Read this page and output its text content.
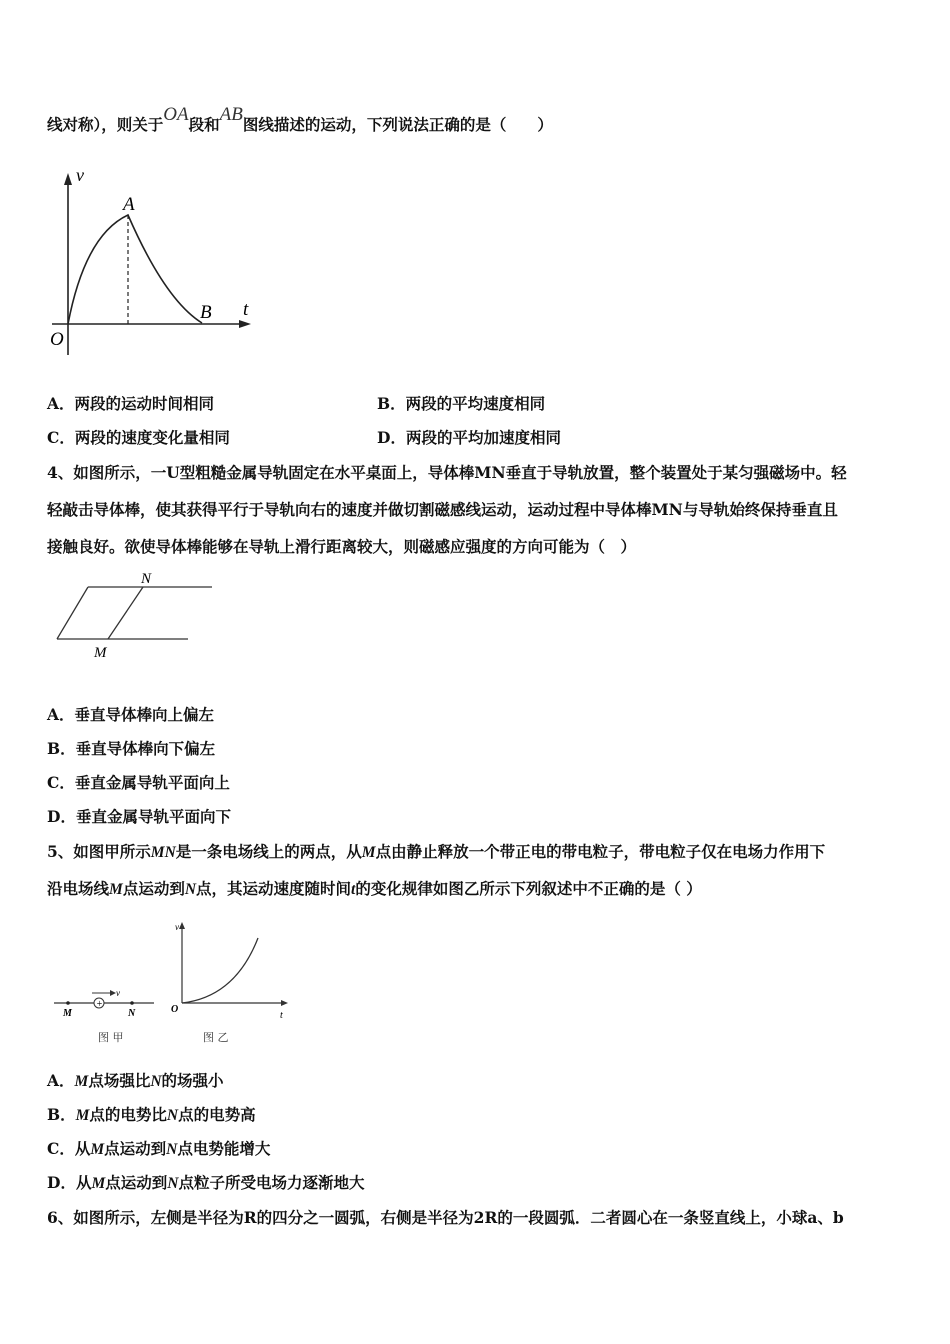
线对称），则关于OA段和AB图线描述的运动，下列说法正确的是（　　）
v
A
B t
O
A．两段的运动时间相同	B．两段的平均速度相同
C．两段的速度变化量相同	D．两段的平均加速度相同
4、如图所示，一U型粗糙金属导轨固定在水平桌面上，导体棒MN垂直于导轨放置，整个装置处于某匀强磁场中。轻
轻敲击导体棒，使其获得平行于导轨向右的速度并做切割磁感线运动，运动过程中导体棒MN与导轨始终保持垂直且
接触良好。欲使导体棒能够在导轨上滑行距离较大，则磁感应强度的方向可能为（　）
N
M
A．垂直导体棒向上偏左
B．垂直导体棒向下偏左
C．垂直金属导轨平面向上
D．垂直金属导轨平面向下
5、如图甲所示MN是一条电场线上的两点，从M点由静止释放一个带正电的带电粒子，带电粒子仅在电场力作用下
沿电场线M点运动到N点，其运动速度随时间t的变化规律如图乙所示下列叙述中不正确的是（ ）
+
v
M	N
图 甲
v
t
O
图 乙
A．M点场强比N的场强小
B．M点的电势比N点的电势高
C．从M点运动到N点电势能增大
D．从M点运动到N点粒子所受电场力逐渐地大
6、如图所示，左侧是半径为R的四分之一圆弧，右侧是半径为2R的一段圆弧．二者圆心在一条竖直线上，小球a、b
